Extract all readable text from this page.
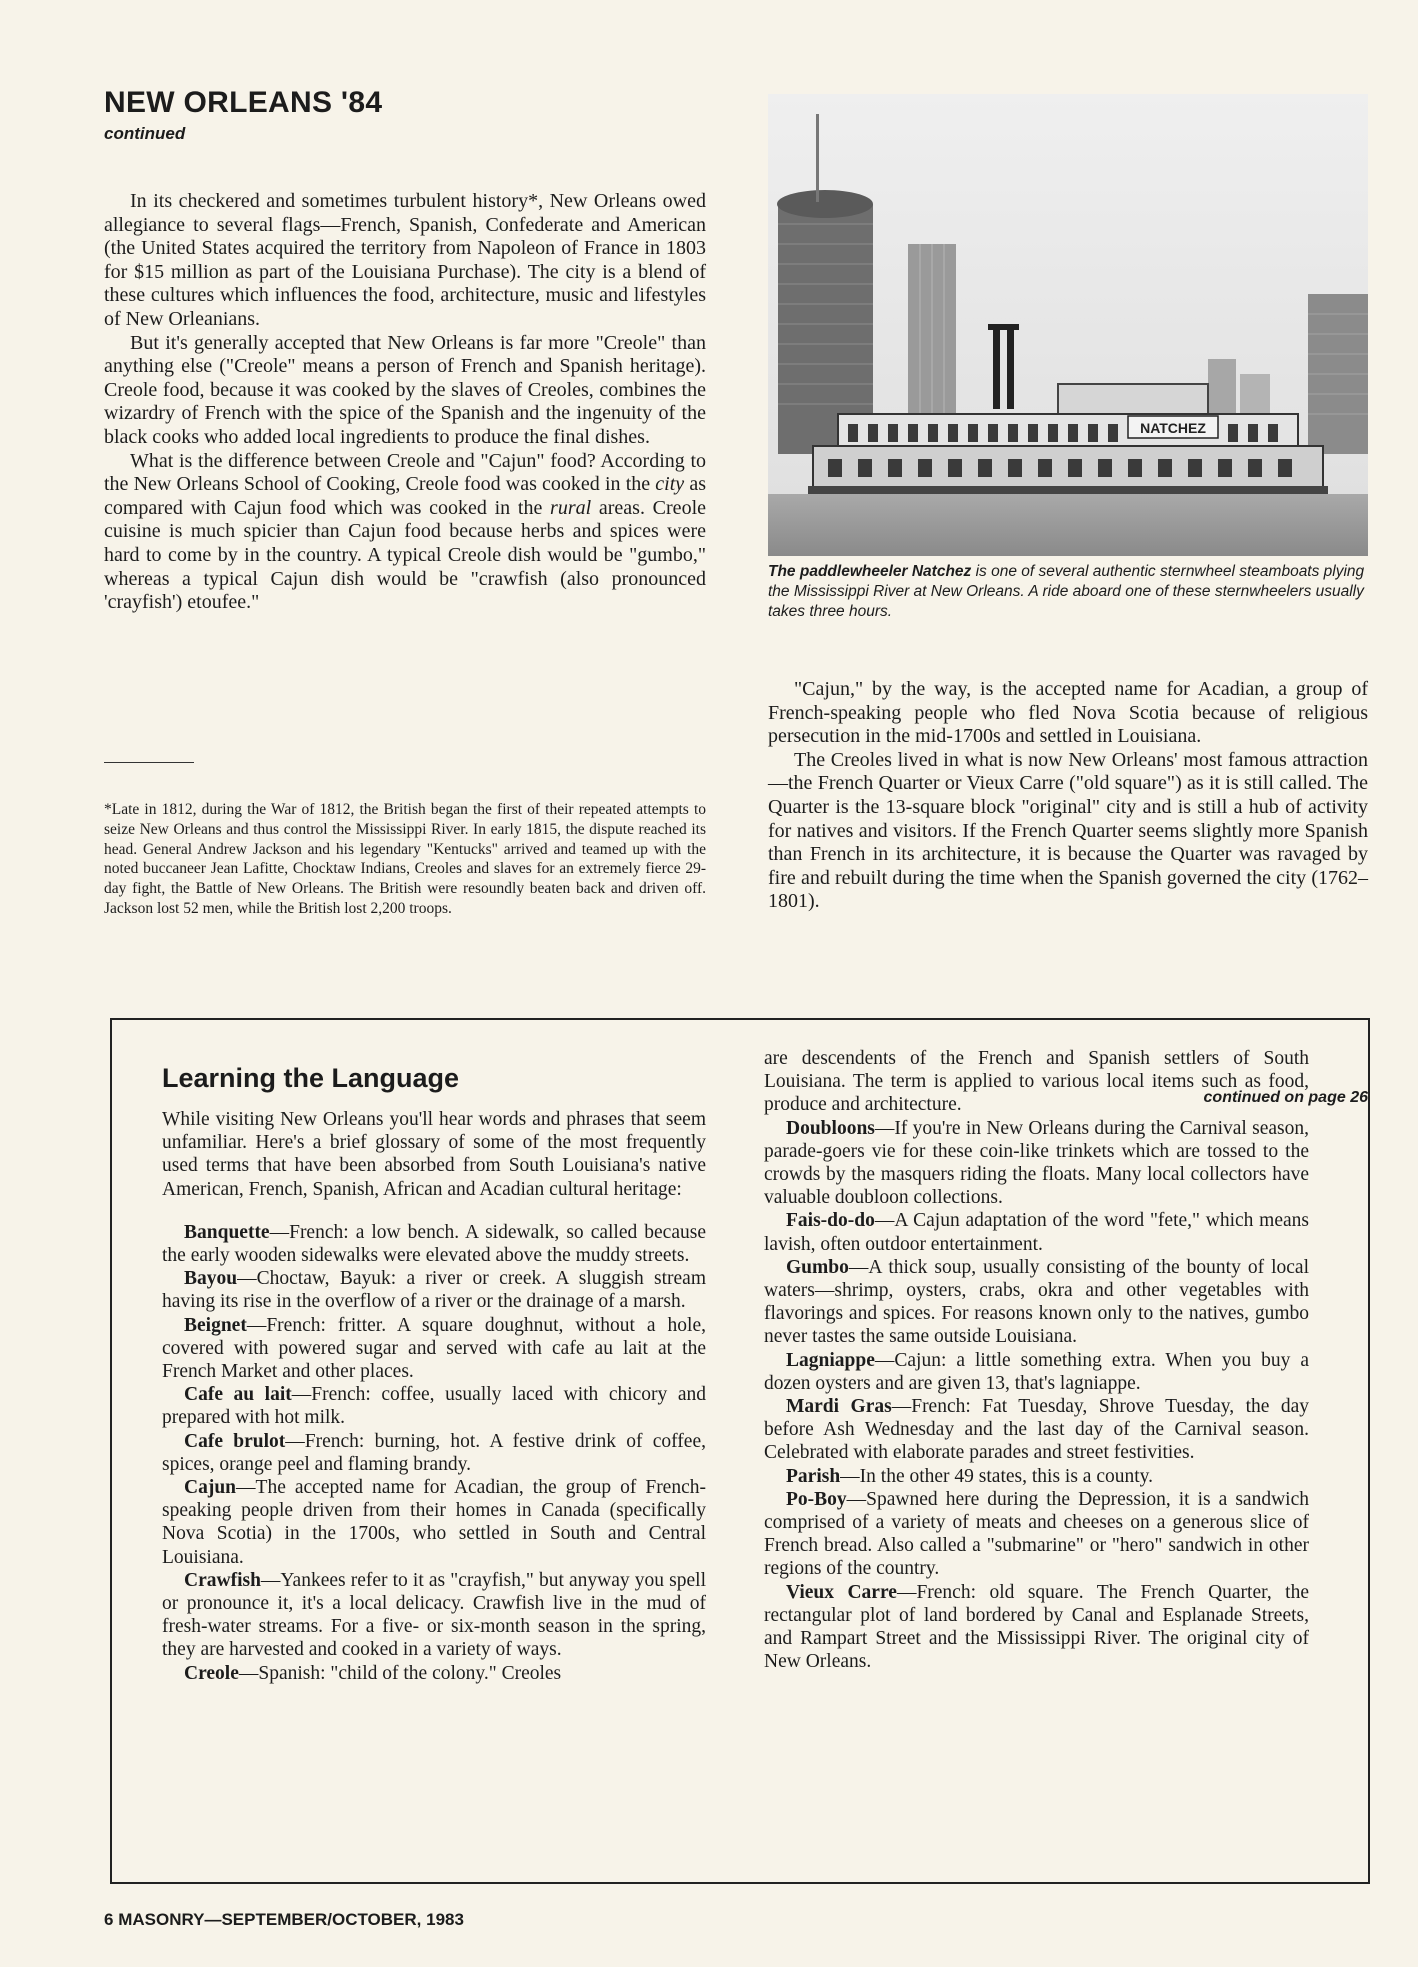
NEW ORLEANS '84
continued

In its checkered and sometimes turbulent history*, New Orleans owed allegiance to several flags—French, Spanish, Confederate and American (the United States acquired the territory from Napoleon of France in 1803 for $15 million as part of the Louisiana Purchase). The city is a blend of these cultures which influences the food, architecture, music and lifestyles of New Orleanians.

But it's generally accepted that New Orleans is far more "Creole" than anything else ("Creole" means a person of French and Spanish heritage). Creole food, because it was cooked by the slaves of Creoles, combines the wizardry of French with the spice of the Spanish and the ingenuity of the black cooks who added local ingredients to produce the final dishes.

What is the difference between Creole and "Cajun" food? According to the New Orleans School of Cooking, Creole food was cooked in the city as compared with Cajun food which was cooked in the rural areas. Creole cuisine is much spicier than Cajun food because herbs and spices were hard to come by in the country. A typical Creole dish would be "gumbo," whereas a typical Cajun dish would be "crawfish (also pronounced 'crayfish') etoufee."

*Late in 1812, during the War of 1812, the British began the first of their repeated attempts to seize New Orleans and thus control the Mississippi River. In early 1815, the dispute reached its head. General Andrew Jackson and his legendary "Kentucks" arrived and teamed up with the noted buccaneer Jean Lafitte, Chocktaw Indians, Creoles and slaves for an extremely fierce 29-day fight, the Battle of New Orleans. The British were resoundly beaten back and driven off. Jackson lost 52 men, while the British lost 2,200 troops.

NATCHEZ

The paddlewheeler Natchez is one of several authentic sternwheel steamboats plying the Mississippi River at New Orleans. A ride aboard one of these sternwheelers usually takes three hours.

"Cajun," by the way, is the accepted name for Acadian, a group of French-speaking people who fled Nova Scotia because of religious persecution in the mid-1700s and settled in Louisiana.

The Creoles lived in what is now New Orleans' most famous attraction—the French Quarter or Vieux Carre ("old square") as it is still called. The Quarter is the 13-square block "original" city and is still a hub of activity for natives and visitors. If the French Quarter seems slightly more Spanish than French in its architecture, it is because the Quarter was ravaged by fire and rebuilt during the time when the Spanish governed the city (1762–1801).

continued on page 26
Learning the Language

While visiting New Orleans you'll hear words and phrases that seem unfamiliar. Here's a brief glossary of some of the most frequently used terms that have been absorbed from South Louisiana's native American, French, Spanish, African and Acadian cultural heritage:

Banquette—French: a low bench. A sidewalk, so called because the early wooden sidewalks were elevated above the muddy streets.

Bayou—Choctaw, Bayuk: a river or creek. A sluggish stream having its rise in the overflow of a river or the drainage of a marsh.

Beignet—French: fritter. A square doughnut, without a hole, covered with powered sugar and served with cafe au lait at the French Market and other places.

Cafe au lait—French: coffee, usually laced with chicory and prepared with hot milk.

Cafe brulot—French: burning, hot. A festive drink of coffee, spices, orange peel and flaming brandy.

Cajun—The accepted name for Acadian, the group of French-speaking people driven from their homes in Canada (specifically Nova Scotia) in the 1700s, who settled in South and Central Louisiana.

Crawfish—Yankees refer to it as "crayfish," but anyway you spell or pronounce it, it's a local delicacy. Crawfish live in the mud of fresh-water streams. For a five- or six-month season in the spring, they are harvested and cooked in a variety of ways.

Creole—Spanish: "child of the colony." Creoles

are descendents of the French and Spanish settlers of South Louisiana. The term is applied to various local items such as food, produce and architecture.

Doubloons—If you're in New Orleans during the Carnival season, parade-goers vie for these coin-like trinkets which are tossed to the crowds by the masquers riding the floats. Many local collectors have valuable doubloon collections.

Fais-do-do—A Cajun adaptation of the word "fete," which means lavish, often outdoor entertainment.

Gumbo—A thick soup, usually consisting of the bounty of local waters—shrimp, oysters, crabs, okra and other vegetables with flavorings and spices. For reasons known only to the natives, gumbo never tastes the same outside Louisiana.

Lagniappe—Cajun: a little something extra. When you buy a dozen oysters and are given 13, that's lagniappe.

Mardi Gras—French: Fat Tuesday, Shrove Tuesday, the day before Ash Wednesday and the last day of the Carnival season. Celebrated with elaborate parades and street festivities.

Parish—In the other 49 states, this is a county.

Po-Boy—Spawned here during the Depression, it is a sandwich comprised of a variety of meats and cheeses on a generous slice of French bread. Also called a "submarine" or "hero" sandwich in other regions of the country.

Vieux Carre—French: old square. The French Quarter, the rectangular plot of land bordered by Canal and Esplanade Streets, and Rampart Street and the Mississippi River. The original city of New Orleans.

6 MASONRY—SEPTEMBER/OCTOBER, 1983
